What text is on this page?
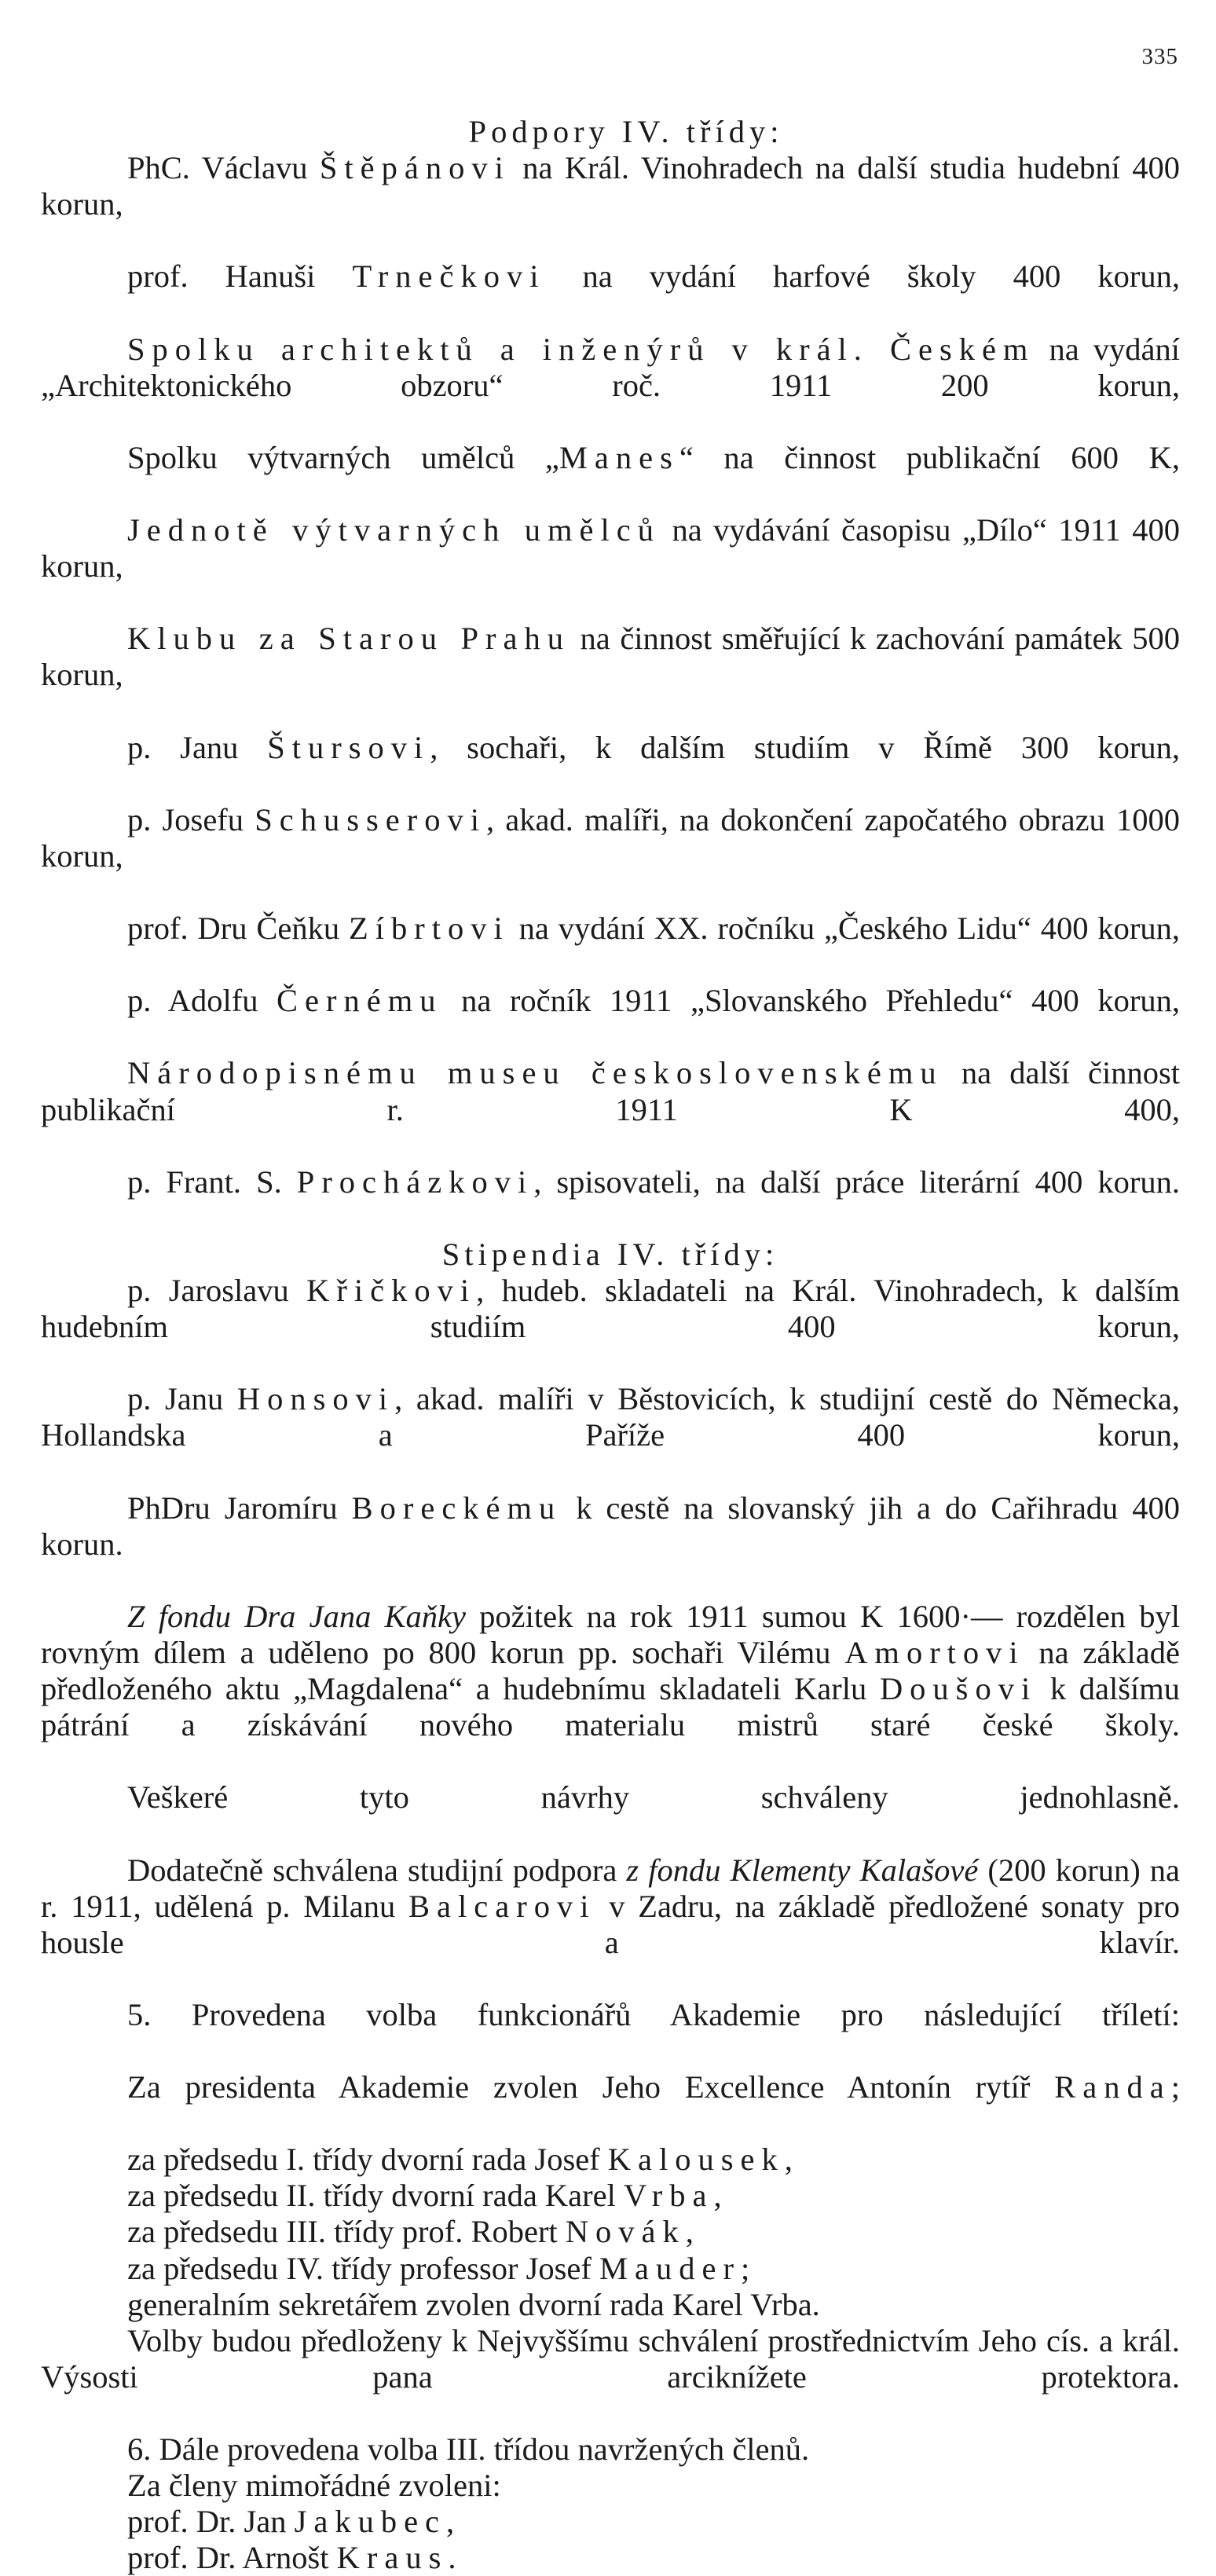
335
Podpory IV. třídy:

PhC. Václavu Štěpánovi na Král. Vinohradech na další studia hudební 400 korun,

prof. Hanuši Trnečkovi na vydání harfové školy 400 korun,

Spolku architektů a inženýrů v král. Českém na vydání „Architektonického obzoru“ roč. 1911 200 korun,

Spolku výtvarných umělců „Manes“ na činnost publikační 600 K,

Jednotě výtvarných umělců na vydávání časopisu „Dílo“ 1911 400 korun,

Klubu za Starou Prahu na činnost směřující k zachování památek 500 korun,

p. Janu Štursovi, sochaři, k dalším studiím v Římě 300 korun,

p. Josefu Schusserovi, akad. malíři, na dokončení započatého obrazu 1000 korun,

prof. Dru Čeňku Zíbrtovi na vydání XX. ročníku „Českého Lidu“ 400 korun,

p. Adolfu Černému na ročník 1911 „Slovanského Přehledu“ 400 korun,

Národopisnému museu československému na další činnost publikační r. 1911 K 400,

p. Frant. S. Procházkovi, spisovateli, na další práce literární 400 korun.

Stipendia IV. třídy:

p. Jaroslavu Křičkovi, hudeb. skladateli na Král. Vinohradech, k dalším hudebním studiím 400 korun,

p. Janu Honsovi, akad. malíři v Běstovicích, k studijní cestě do Německa, Hollandska a Paříže 400 korun,

PhDru Jaromíru Boreckému k cestě na slovanský jih a do Cařihradu 400 korun.

Z fondu Dra Jana Kaňky požitek na rok 1911 sumou K 1600·— rozdělen byl rovným dílem a uděleno po 800 korun pp. sochaři Vilému Amortovi na základě předloženého aktu „Magdalena“ a hudebnímu skladateli Karlu Doušovi k dalšímu pátrání a získávání nového materialu mistrů staré české školy.

Veškeré tyto návrhy schváleny jednohlasně.

Dodatečně schválena studijní podpora z fondu Klementy Kalašové (200 korun) na r. 1911, udělená p. Milanu Balcarovi v Zadru, na základě předložené sonaty pro housle a klavír.

5. Provedena volba funkcionářů Akademie pro následující tříletí:

Za presidenta Akademie zvolen Jeho Excellence Antonín rytíř Randa;

za předsedu I. třídy dvorní rada Josef Kalousek,
za předsedu II. třídy dvorní rada Karel Vrba,
za předsedu III. třídy prof. Robert Novák,
za předsedu IV. třídy professor Josef Mauder;
generalním sekretářem zvolen dvorní rada Karel Vrba.

Volby budou předloženy k Nejvyššímu schválení prostřednictvím Jeho cís. a král. Výsosti pana arciknížete protektora.

6. Dále provedena volba III. třídou navržených členů.
Za členy mimořádné zvoleni:
prof. Dr. Jan Jakubec,
prof. Dr. Arnošt Kraus.
